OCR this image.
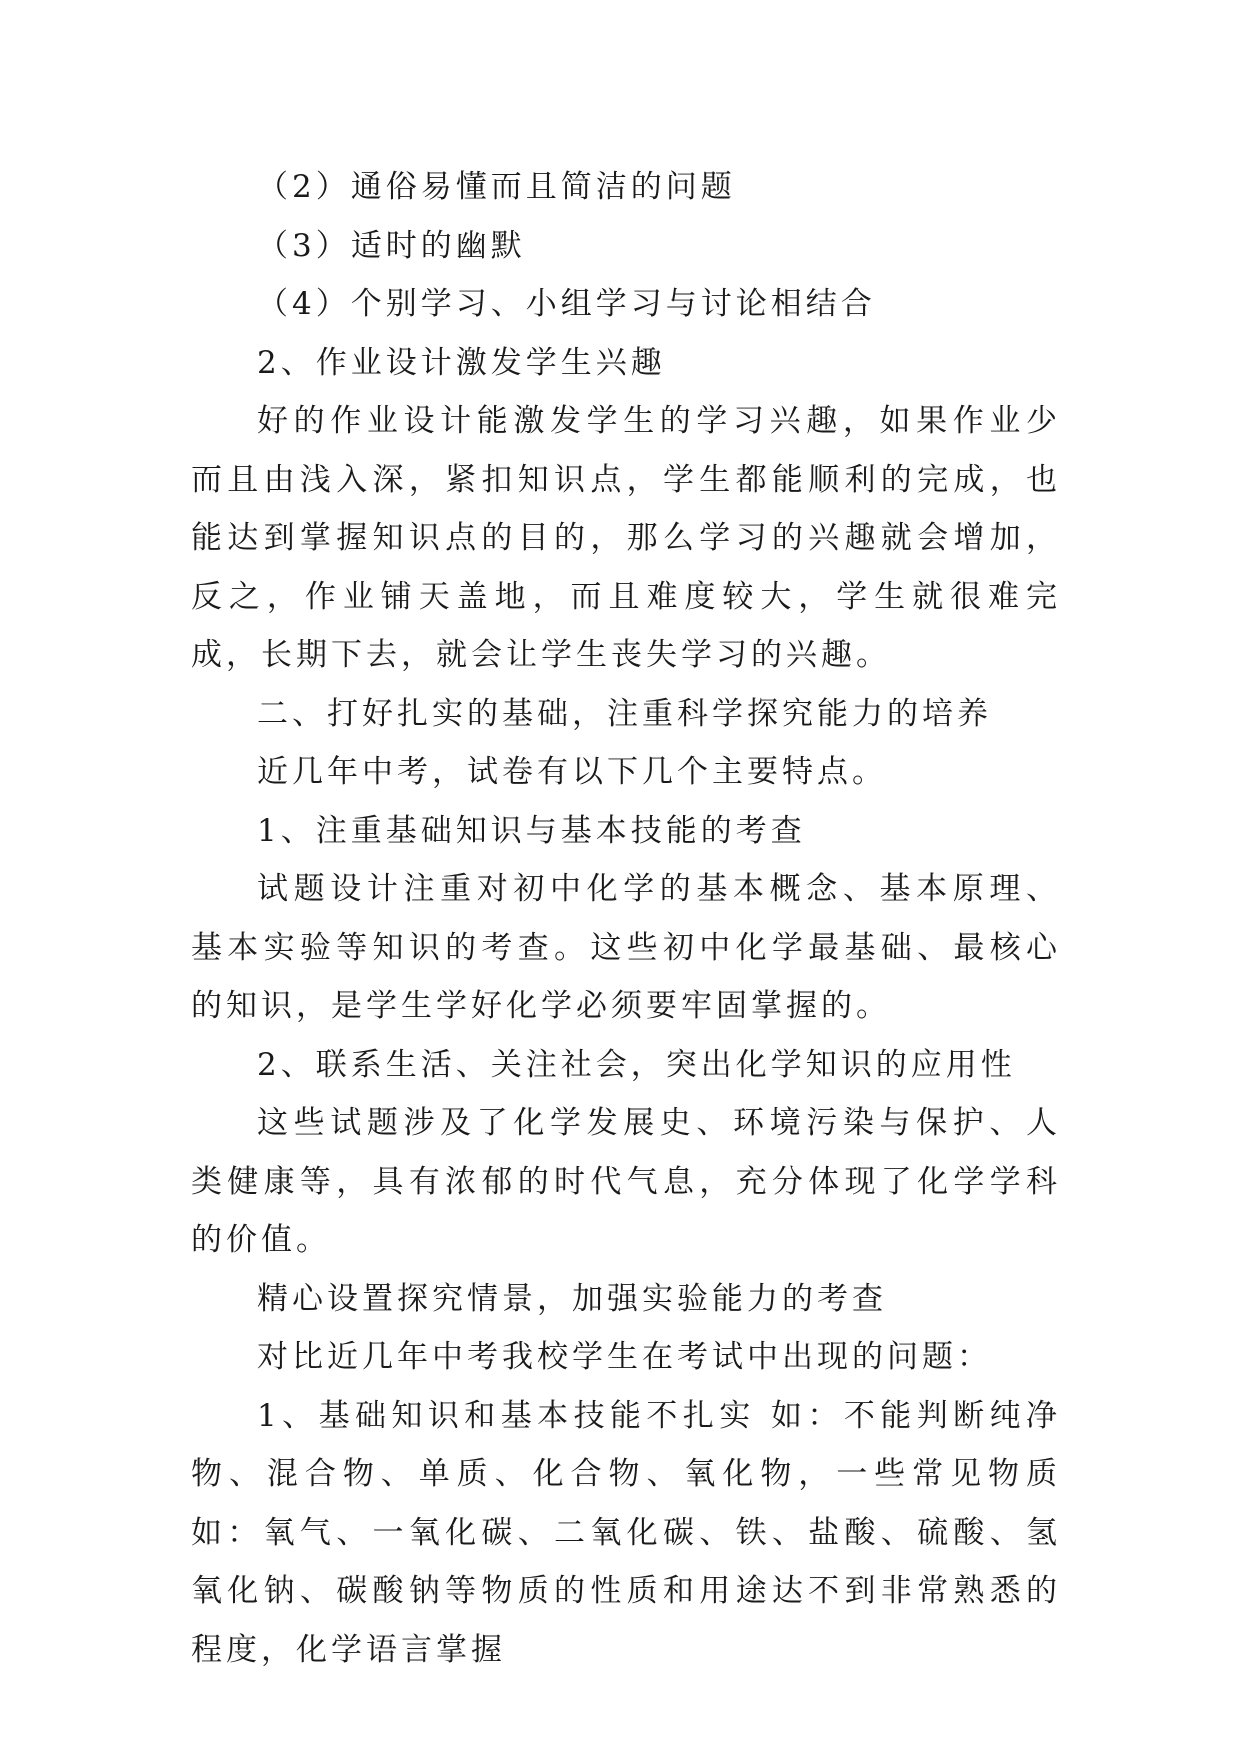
（2）通俗易懂而且简洁的问题

（3）适时的幽默

（4）个别学习、小组学习与讨论相结合

2、作业设计激发学生兴趣

好的作业设计能激发学生的学习兴趣，如果作业少而且由浅入深，紧扣知识点，学生都能顺利的完成，也能达到掌握知识点的目的，那么学习的兴趣就会增加，反之，作业铺天盖地，而且难度较大，学生就很难完成，长期下去，就会让学生丧失学习的兴趣。

二、打好扎实的基础，注重科学探究能力的培养

近几年中考，试卷有以下几个主要特点。

1、注重基础知识与基本技能的考查

试题设计注重对初中化学的基本概念、基本原理、基本实验等知识的考查。这些初中化学最基础、最核心的知识，是学生学好化学必须要牢固掌握的。

2、联系生活、关注社会，突出化学知识的应用性

这些试题涉及了化学发展史、环境污染与保护、人类健康等，具有浓郁的时代气息，充分体现了化学学科的价值。

精心设置探究情景，加强实验能力的考查

对比近几年中考我校学生在考试中出现的问题：

1、基础知识和基本技能不扎实 如：不能判断纯净物、混合物、单质、化合物、氧化物，一些常见物质如：氧气、一氧化碳、二氧化碳、铁、盐酸、硫酸、氢氧化钠、碳酸钠等物质的性质和用途达不到非常熟悉的程度，化学语言掌握
